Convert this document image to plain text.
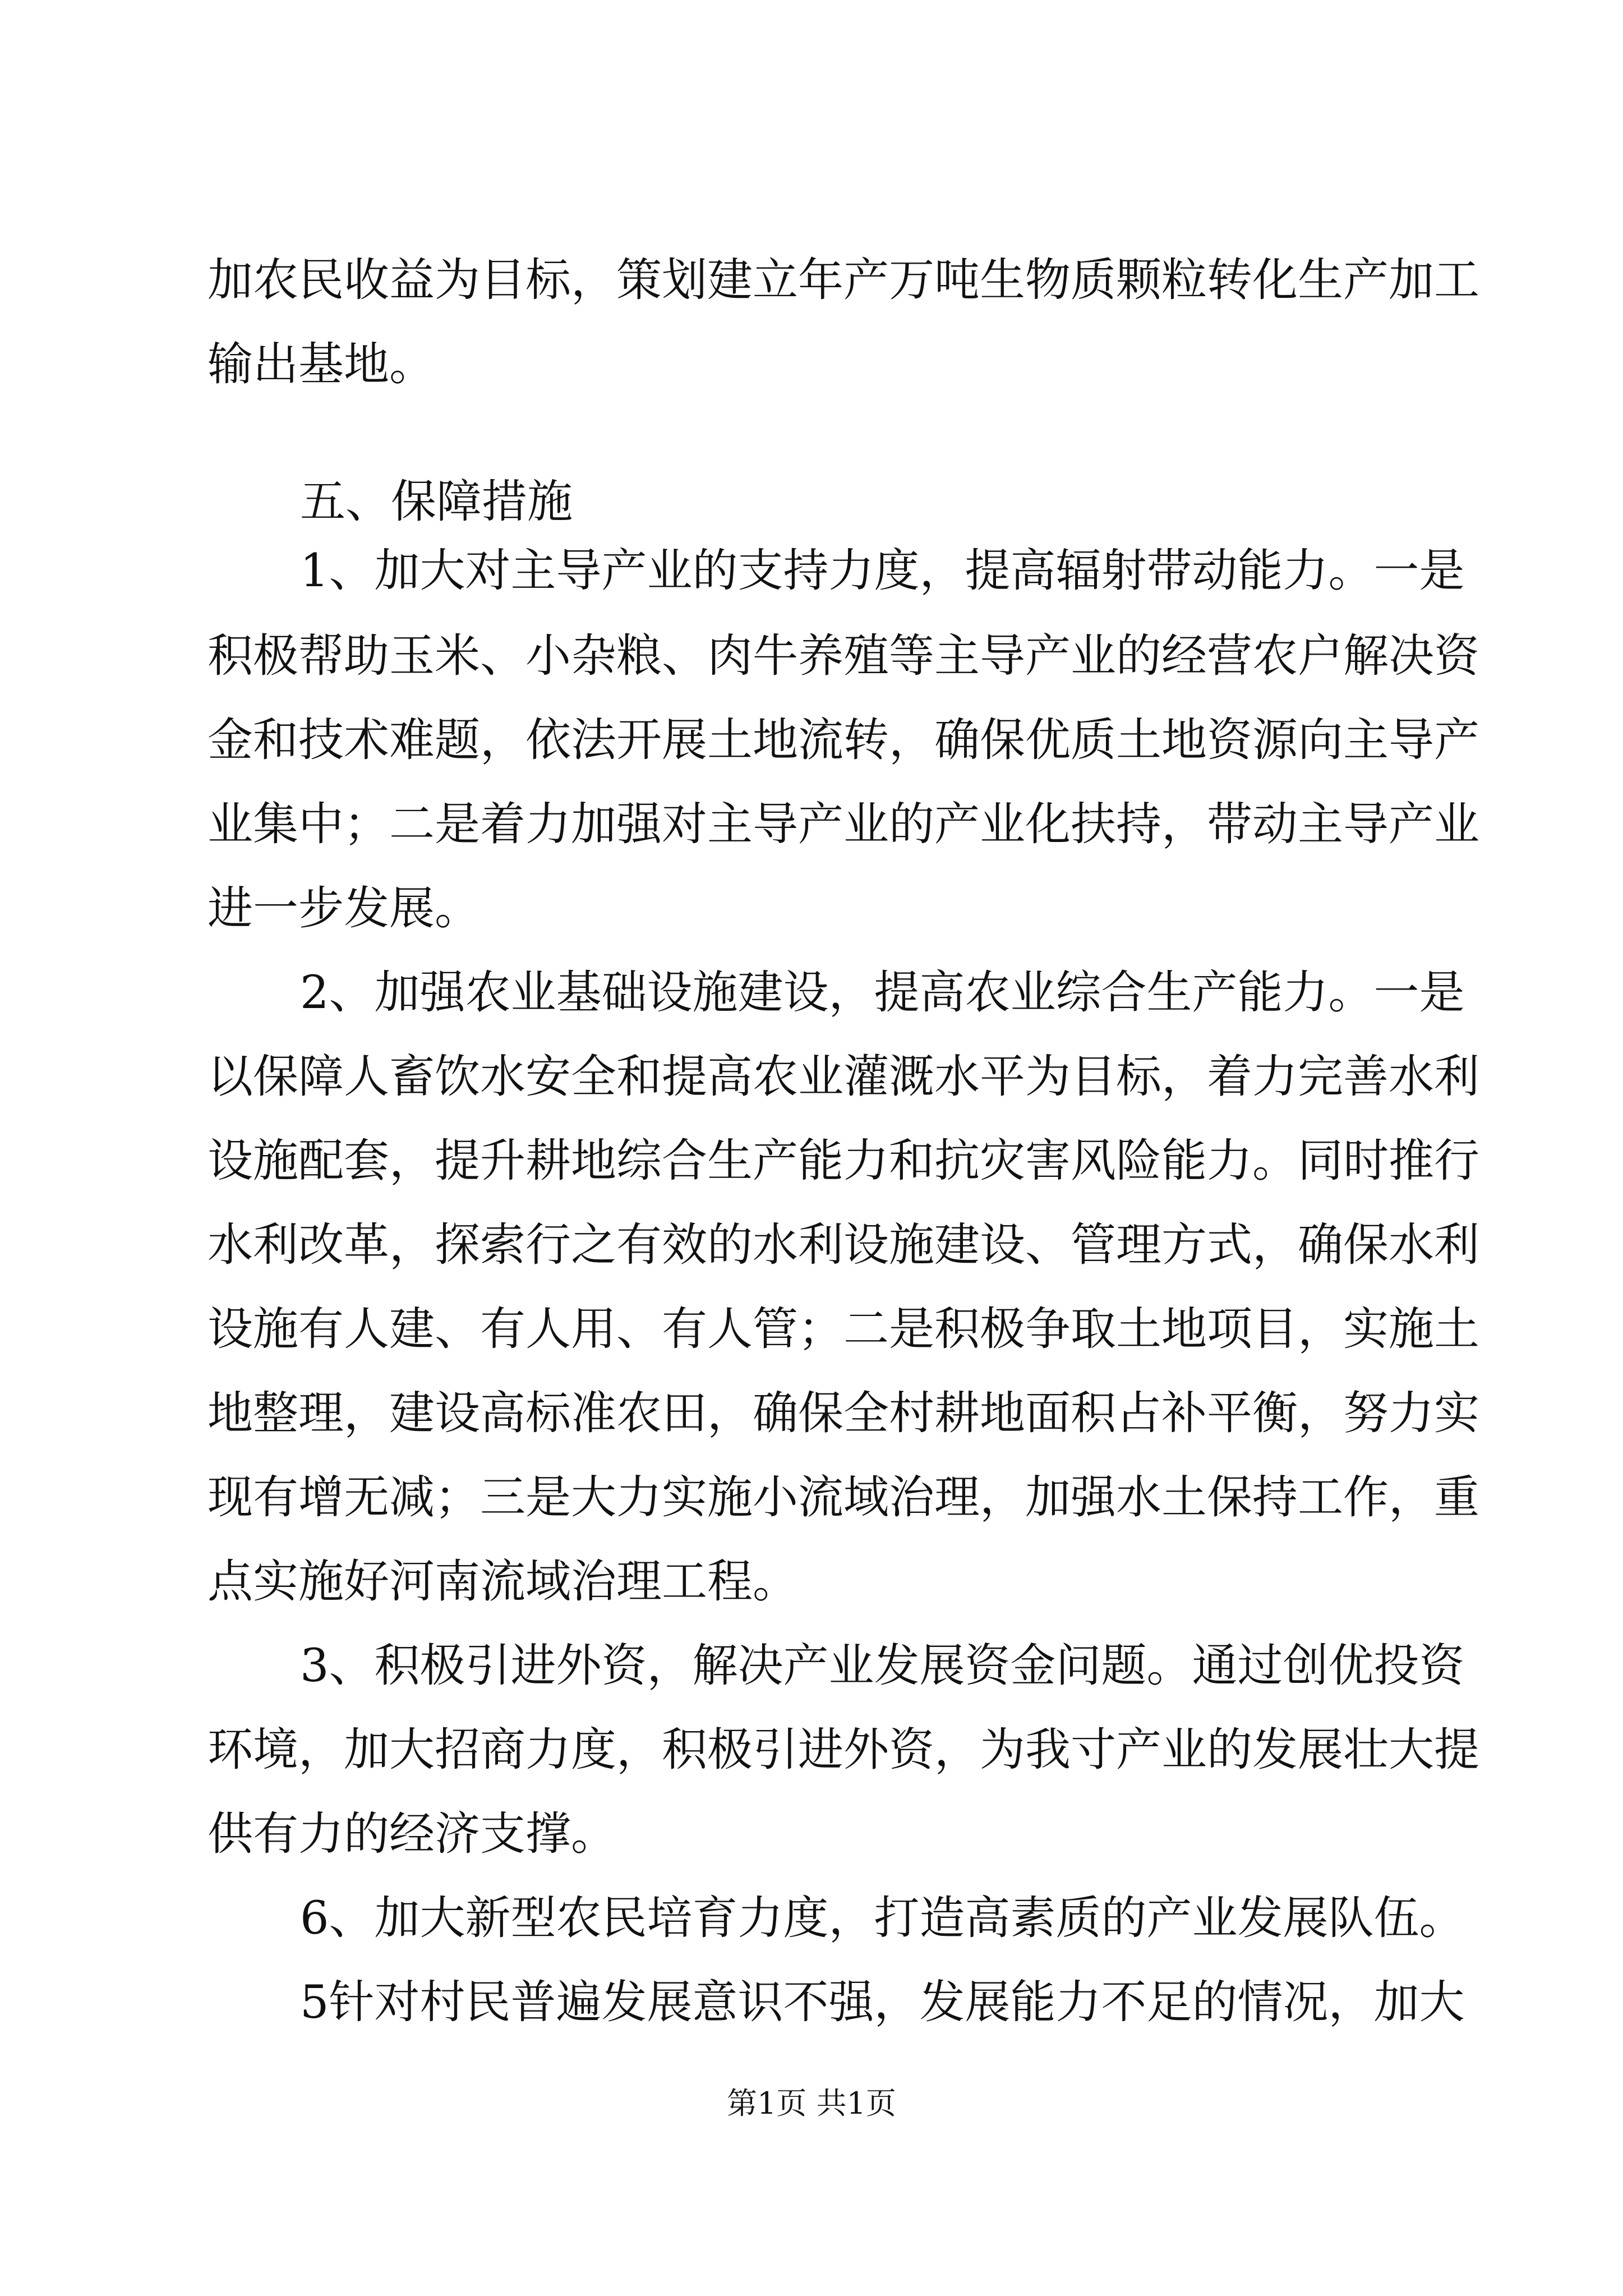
加农民收益为目标，策划建立年产万吨生物质颗粒转化生产加工
输出基地。
五、保障措施
1、加大对主导产业的支持力度，提高辐射带动能力。一是
积极帮助玉米、小杂粮、肉牛养殖等主导产业的经营农户解决资
金和技术难题，依法开展土地流转，确保优质土地资源向主导产
业集中；二是着力加强对主导产业的产业化扶持，带动主导产业
进一步发展。
2、加强农业基础设施建设，提高农业综合生产能力。一是
以保障人畜饮水安全和提高农业灌溉水平为目标，着力完善水利
设施配套，提升耕地综合生产能力和抗灾害风险能力。同时推行
水利改革，探索行之有效的水利设施建设、管理方式，确保水利
设施有人建、有人用、有人管；二是积极争取土地项目，实施土
地整理，建设高标准农田，确保全村耕地面积占补平衡，努力实
现有增无减；三是大力实施小流域治理，加强水土保持工作，重
点实施好河南流域治理工程。
3、积极引进外资，解决产业发展资金问题。通过创优投资
环境，加大招商力度，积极引进外资，为我寸产业的发展壮大提
供有力的经济支撑。
6、加大新型农民培育力度，打造高素质的产业发展队伍。
5针对村民普遍发展意识不强，发展能力不足的情况，加大
第1页 共1页
